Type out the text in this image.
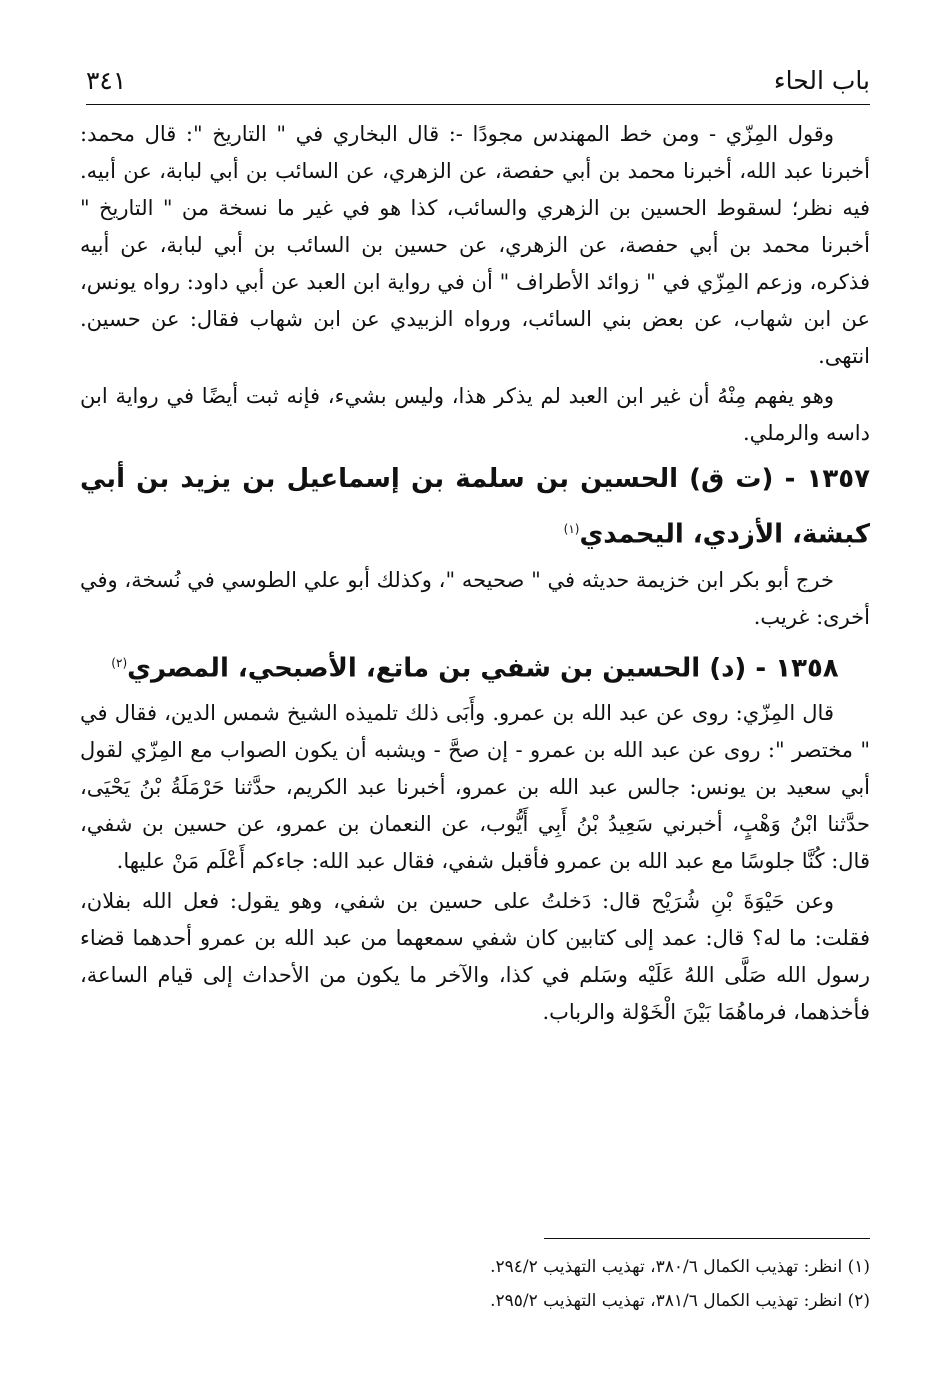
باب الحاء
٣٤١

وقول المِزّي - ومن خط المهندس مجودًا -: قال البخاري في " التاريخ ": قال محمد: أخبرنا عبد الله، أخبرنا محمد بن أبي حفصة، عن الزهري، عن السائب بن أبي لبابة، عن أبيه. فيه نظر؛ لسقوط الحسين بن الزهري والسائب، كذا هو في غير ما نسخة من " التاريخ " أخبرنا محمد بن أبي حفصة، عن الزهري، عن حسين بن السائب بن أبي لبابة، عن أبيه فذكره، وزعم المِزّي في " زوائد الأطراف " أن في رواية ابن العبد عن أبي داود: رواه يونس، عن ابن شهاب، عن بعض بني السائب، ورواه الزبيدي عن ابن شهاب فقال: عن حسين. انتهى.

وهو يفهم مِنْهُ أن غير ابن العبد لم يذكر هذا، وليس بشيء، فإنه ثبت أيضًا في رواية ابن داسه والرملي.

١٣٥٧ - (ت ق) الحسين بن سلمة بن إسماعيل بن يزيد بن أبي كبشة، الأزدي، اليحمدي$^{(١)}$

خرج أبو بكر ابن خزيمة حديثه في " صحيحه "، وكذلك أبو علي الطوسي في نُسخة، وفي أخرى: غريب.

١٣٥٨ - (د) الحسين بن شفي بن ماتع، الأصبحي، المصري$^{(٢)}$

قال المِزّي: روى عن عبد الله بن عمرو. وأَبَى ذلك تلميذه الشيخ شمس الدين، فقال في " مختصر ": روى عن عبد الله بن عمرو - إن صحَّ - ويشبه أن يكون الصواب مع المِزّي لقول أبي سعيد بن يونس: جالس عبد الله بن عمرو، أخبرنا عبد الكريم، حدَّثنا حَرْمَلَةُ بْنُ يَحْيَى، حدَّثنا ابْنُ وَهْبٍ، أخبرني سَعِيدُ بْنُ أَبِي أَيُّوب، عن النعمان بن عمرو، عن حسين بن شفي، قال: كُنَّا جلوسًا مع عبد الله بن عمرو فأقبل شفي، فقال عبد الله: جاءكم أَعْلَم مَنْ عليها.

وعن حَيْوَةَ بْنِ شُرَيْح قال: دَخلتُ على حسين بن شفي، وهو يقول: فعل الله بفلان، فقلت: ما له؟ قال: عمد إلى كتابين كان شفي سمعهما من عبد الله بن عمرو أحدهما قضاء رسول الله صَلَّى اللهُ عَلَيْه وسَلم في كذا، والآخر ما يكون من الأحداث إلى قيام الساعة، فأخذهما، فرماهُمَا بَيْنَ الْخَوْلة والرباب.

(١) انظر: تهذيب الكمال ٣٨٠/٦، تهذيب التهذيب ٢٩٤/٢.
(٢) انظر: تهذيب الكمال ٣٨١/٦، تهذيب التهذيب ٢٩٥/٢.
